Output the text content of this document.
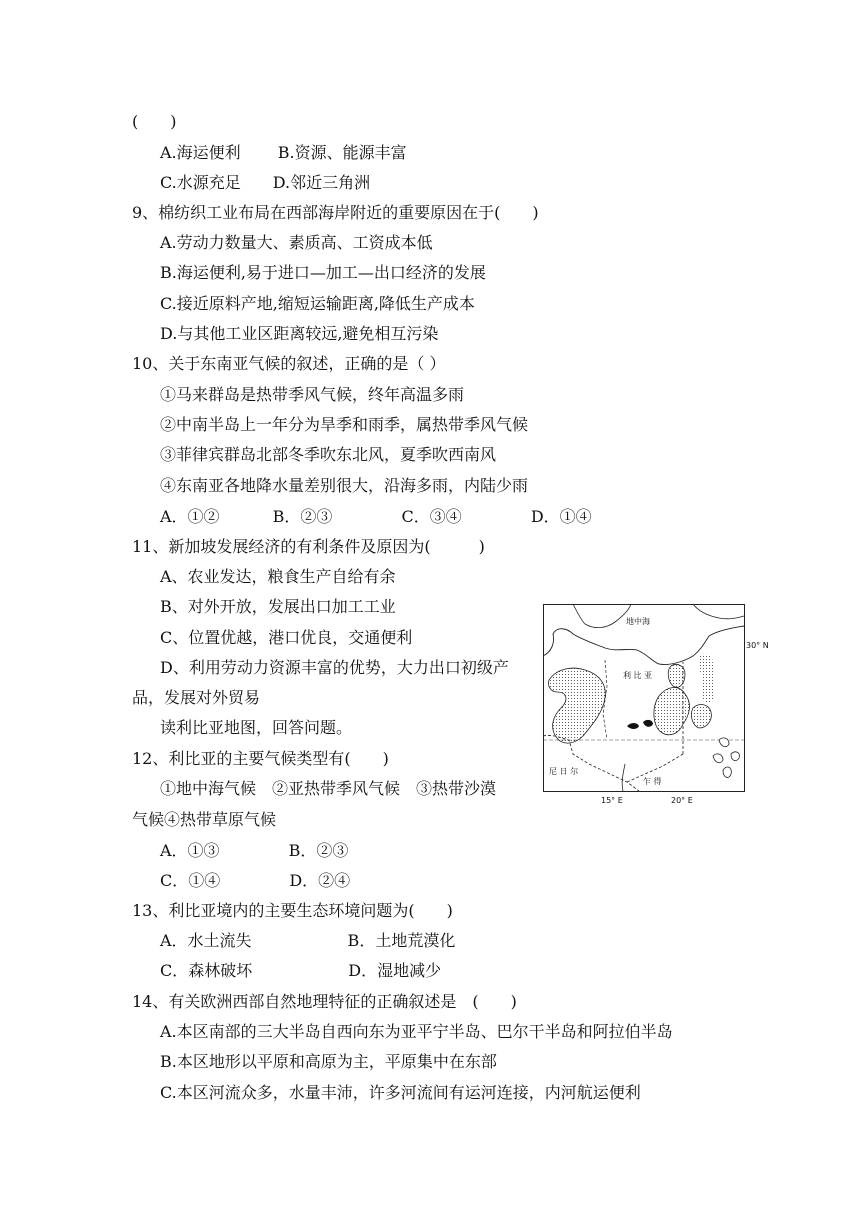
(　　)
A.海运便利　　 B.资源、能源丰富
C.水源充足　　D.邻近三角洲
9、棉纺织工业布局在西部海岸附近的重要原因在于(　　)
A.劳动力数量大、素质高、工资成本低
B.海运便利,易于进口—加工—出口经济的发展
C.接近原料产地,缩短运输距离,降低生产成本
D.与其他工业区距离较远,避免相互污染
10、关于东南亚气候的叙述，正确的是（ ）
①马来群岛是热带季风气候，终年高温多雨
②中南半岛上一年分为旱季和雨季，属热带季风气候
③菲律宾群岛北部冬季吹东北风，夏季吹西南风
④东南亚各地降水量差别很大，沿海多雨，内陆少雨
A．①②　　　 B．②③　　　　 C．③④　　　　 D．①④
11、新加坡发展经济的有利条件及原因为(　　　)
A、农业发达，粮食生产自给有余
B、对外开放，发展出口加工工业
C、位置优越，港口优良，交通便利
D、利用劳动力资源丰富的优势，大力出口初级产
品，发展对外贸易
读利比亚地图，回答问题。
12、利比亚的主要气候类型有(　　)
①地中海气候　②亚热带季风气候　③热带沙漠
气候④热带草原气候
A．①③　　　　 B．②③
C．①④　　　　 D．②④
13、利比亚境内的主要生态环境问题为(　　)
A．水土流失　　　　　　B．土地荒漠化
C．森林破坏　　　　　　D．湿地减少
14、有关欧洲西部自然地理特征的正确叙述是　(　　)
A.本区南部的三大半岛自西向东为亚平宁半岛、巴尔干半岛和阿拉伯半岛
B.本区地形以平原和高原为主，平原集中在东部
C.本区河流众多，水量丰沛，许多河流间有运河连接，内河航运便利
地中海
利 比 亚
尼 日 尔
乍 得
30° N
15° E	20° E
